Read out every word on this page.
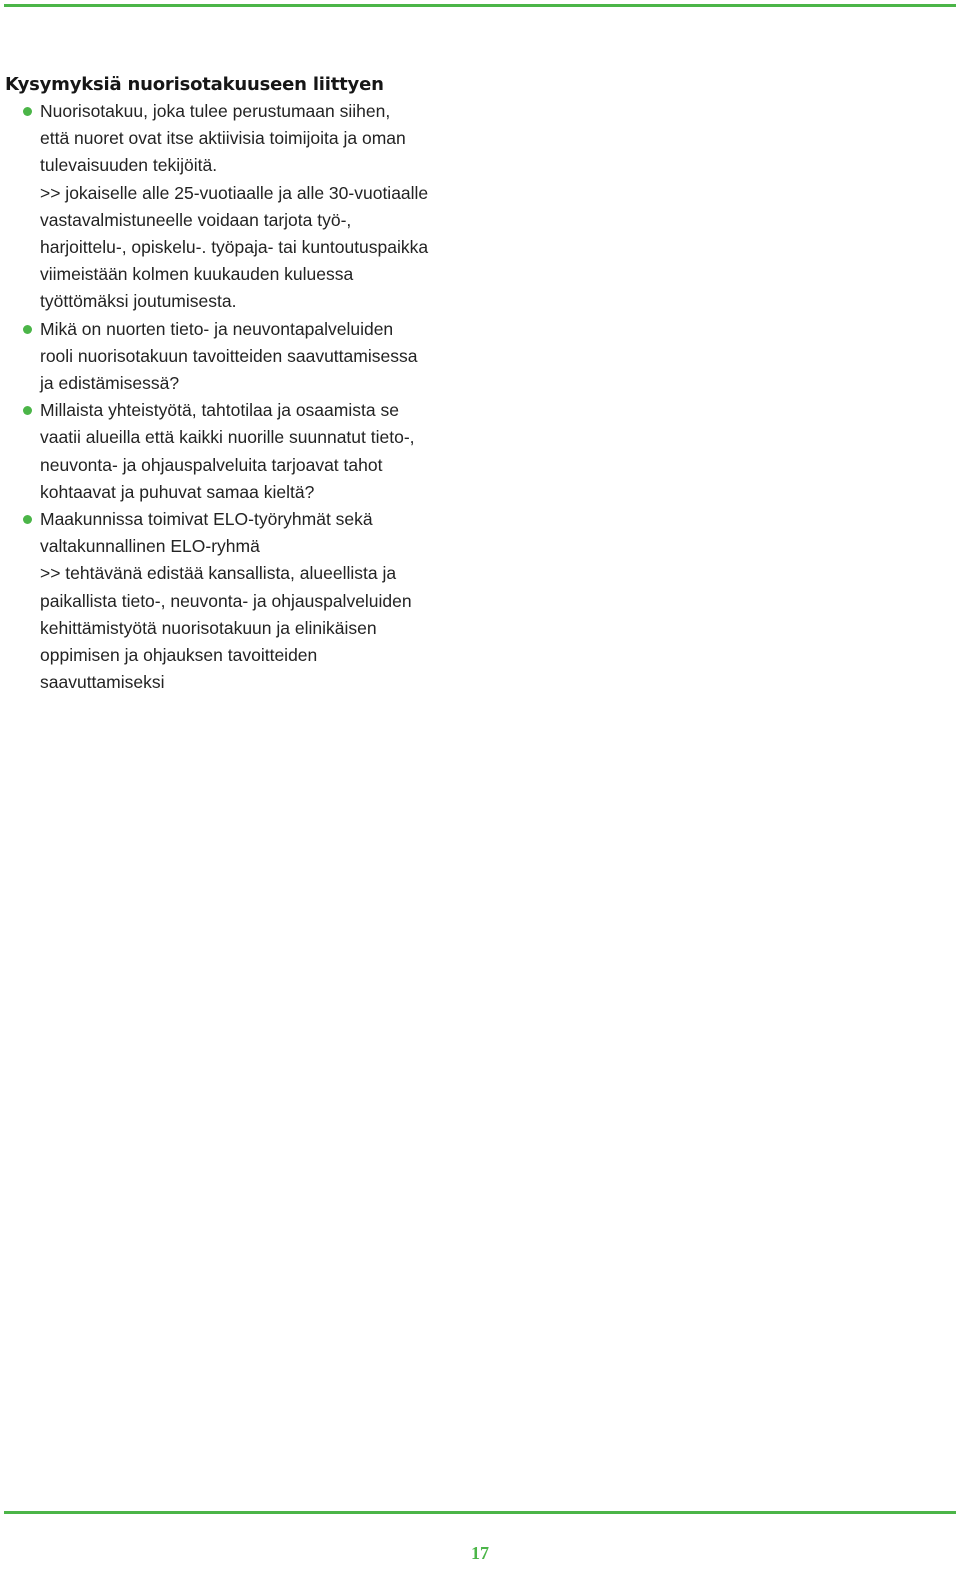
Kysymyksiä nuorisotakuuseen liittyen
Nuorisotakuu, joka tulee perustumaan siihen,
että nuoret ovat itse aktiivisia toimijoita ja oman
tulevaisuuden tekijöitä.
>> jokaiselle alle 25-vuotiaalle ja alle 30-vuotiaalle
vastavalmistuneelle voidaan tarjota työ-,
harjoittelu-, opiskelu-. työpaja- tai kuntoutuspaikka
viimeistään kolmen kuukauden kuluessa
työttömäksi joutumisesta.
Mikä on nuorten tieto- ja neuvontapalveluiden
rooli nuorisotakuun tavoitteiden saavuttamisessa
ja edistämisessä?
Millaista yhteistyötä, tahtotilaa ja osaamista se
vaatii alueilla että kaikki nuorille suunnatut tieto-,
neuvonta- ja ohjauspalveluita tarjoavat tahot
kohtaavat ja puhuvat samaa kieltä?
Maakunnissa toimivat ELO-työryhmät sekä
valtakunnallinen ELO-ryhmä
>> tehtävänä edistää kansallista, alueellista ja
paikallista tieto-, neuvonta- ja ohjauspalveluiden
kehittämistyötä nuorisotakuun ja elinikäisen
oppimisen ja ohjauksen tavoitteiden
saavuttamiseksi
17
